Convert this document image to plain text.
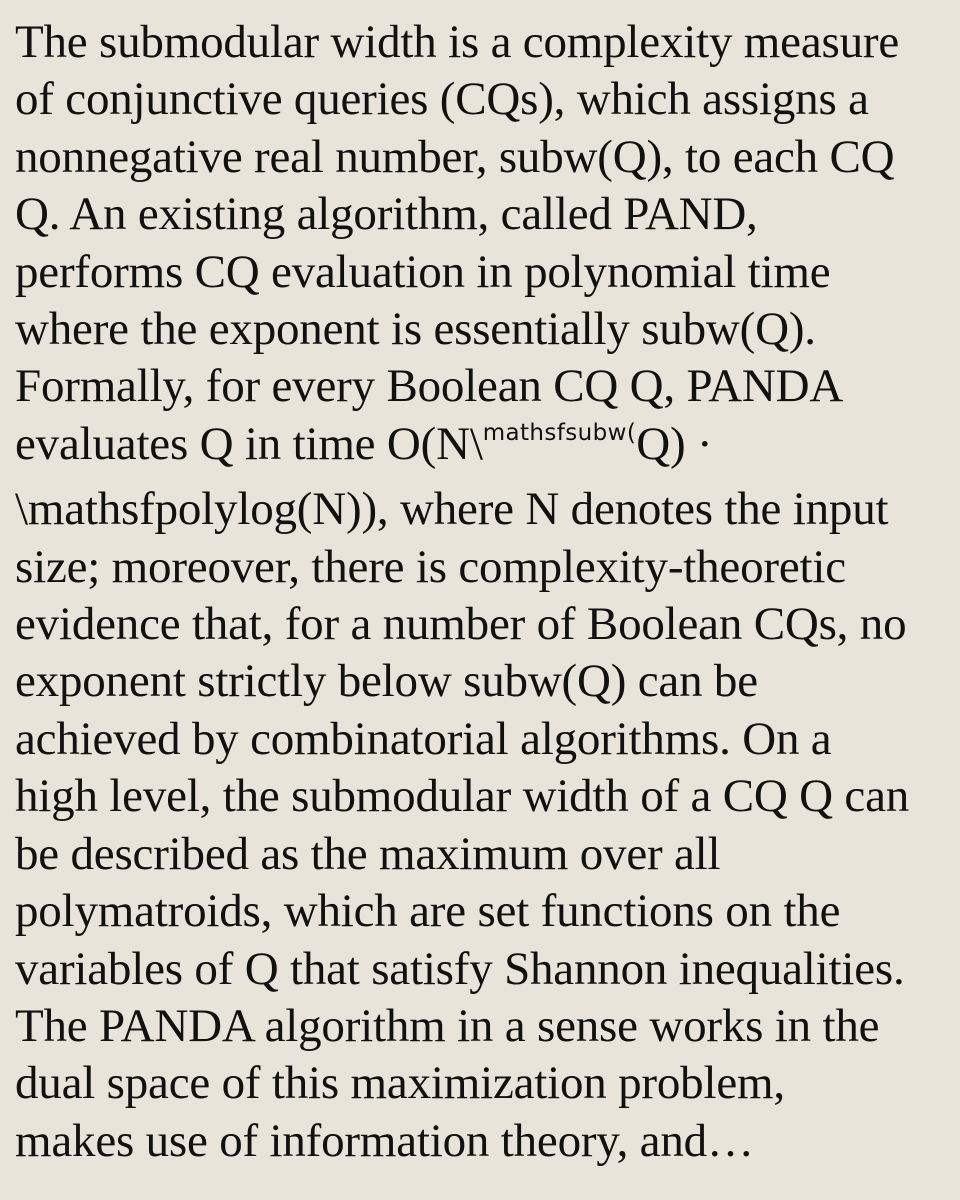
The submodular width is a complexity measure
of conjunctive queries (CQs), which assigns a
nonnegative real number, subw(Q), to each CQ
Q. An existing algorithm, called PAND,
performs CQ evaluation in polynomial time
where the exponent is essentially subw(Q).
Formally, for every Boolean CQ Q, PANDA
evaluates Q in time O(N\$^{mathsfsubw(}$Q) ·
\mathsfpolylog(N)), where N denotes the input
size; moreover, there is complexity-theoretic
evidence that, for a number of Boolean CQs, no
exponent strictly below subw(Q) can be
achieved by combinatorial algorithms. On a
high level, the submodular width of a CQ Q can
be described as the maximum over all
polymatroids, which are set functions on the
variables of Q that satisfy Shannon inequalities.
The PANDA algorithm in a sense works in the
dual space of this maximization problem,
makes use of information theory, and…
